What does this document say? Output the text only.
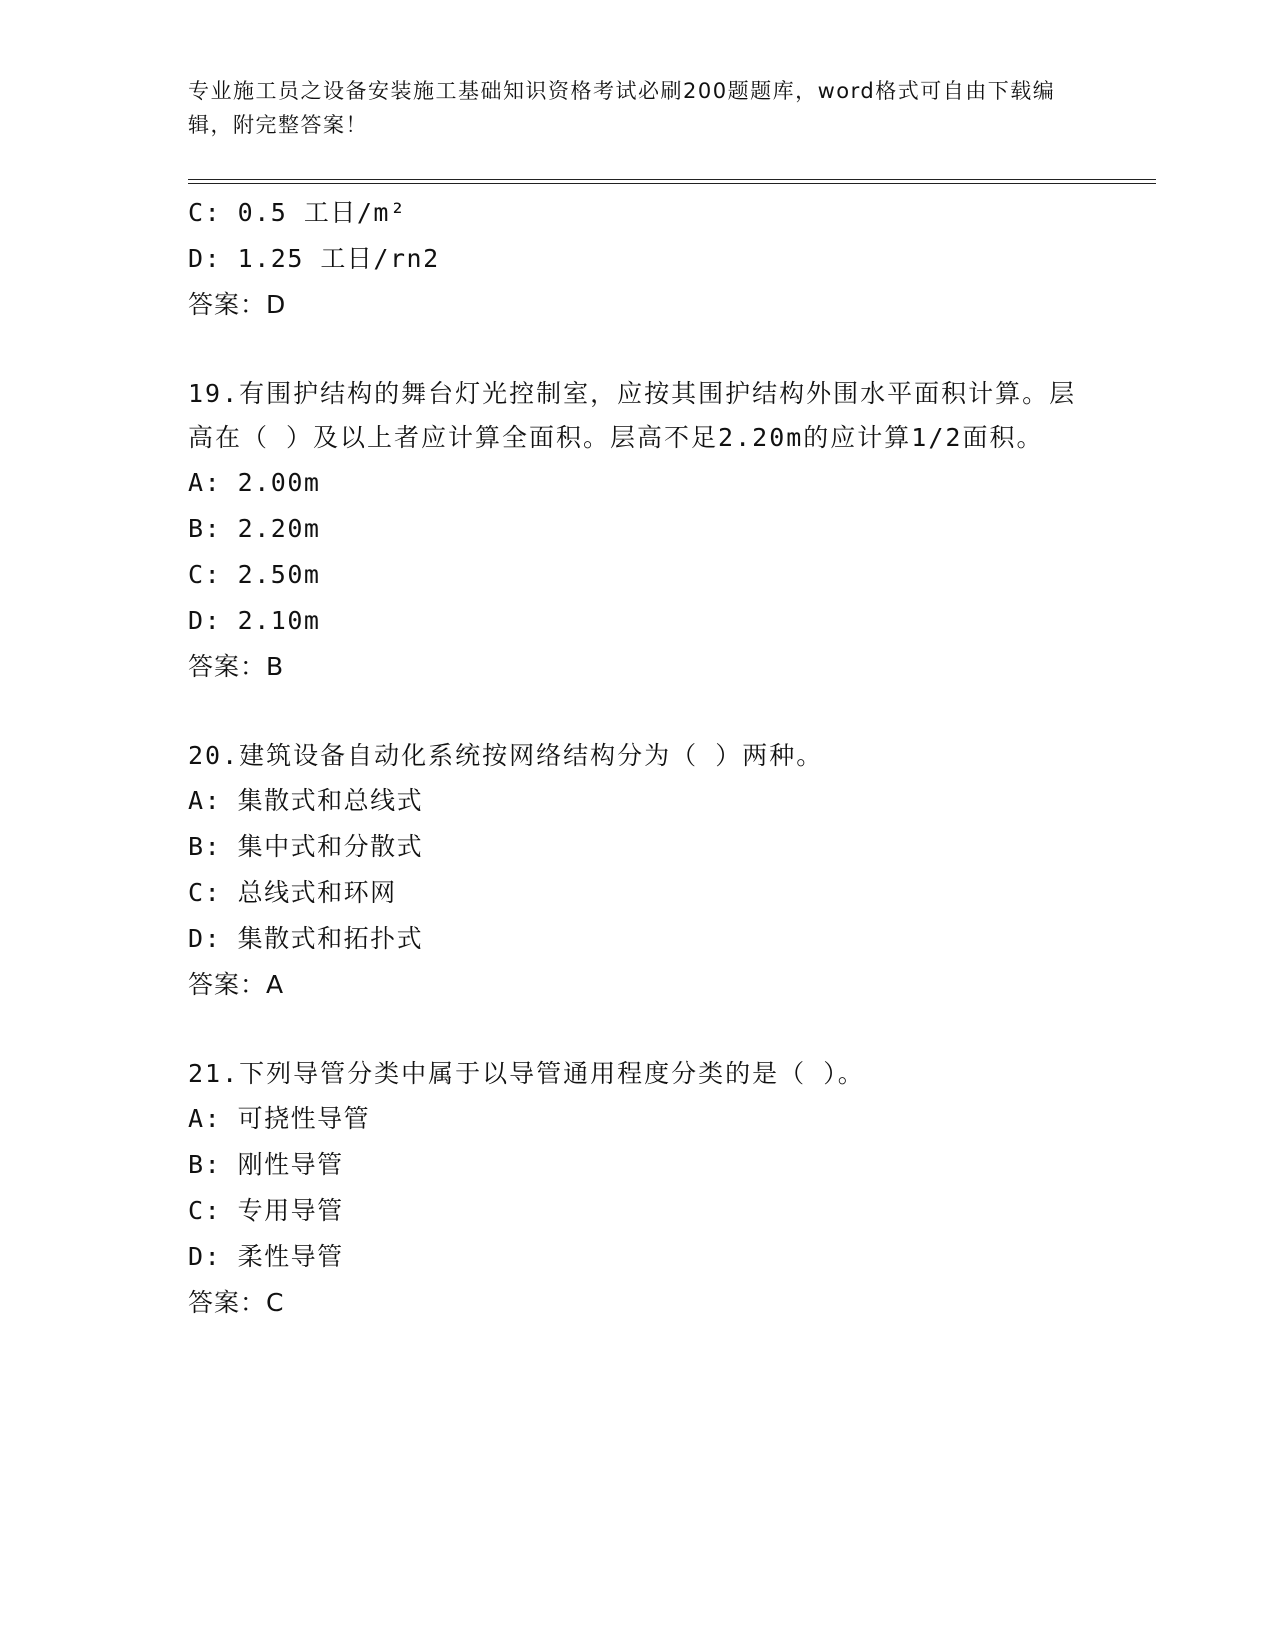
专业施工员之设备安装施工基础知识资格考试必刷200题题库，word格式可自由下载编辑，附完整答案！
C: 0.5 工日/m²
D: 1.25 工日/rn2
答案：D
19.有围护结构的舞台灯光控制室，应按其围护结构外围水平面积计算。层高在（ ）及以上者应计算全面积。层高不足2.20m的应计算1/2面积。
A: 2.00m
B: 2.20m
C: 2.50m
D: 2.10m
答案：B
20.建筑设备自动化系统按网络结构分为（ ）两种。
A: 集散式和总线式
B: 集中式和分散式
C: 总线式和环网
D: 集散式和拓扑式
答案：A
21.下列导管分类中属于以导管通用程度分类的是（ ）。
A: 可挠性导管
B: 刚性导管
C: 专用导管
D: 柔性导管
答案：C
